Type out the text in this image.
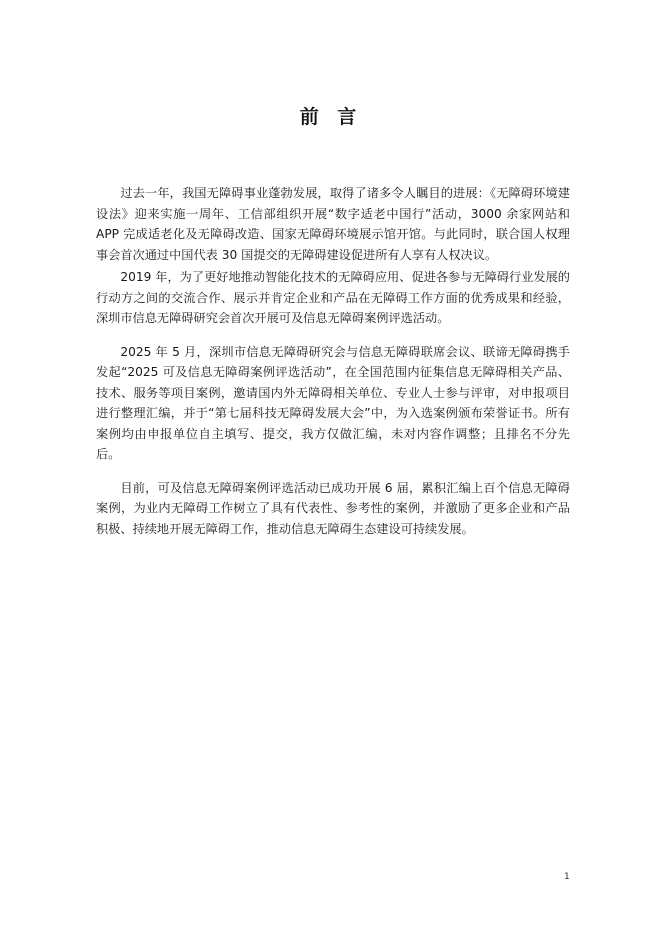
前 言

过去一年，我国无障碍事业蓬勃发展，取得了诸多令人瞩目的进展：《无障碍环境建设法》迎来实施一周年、工信部组织开展“数字适老中国行”活动，3000 余家网站和 APP 完成适老化及无障碍改造、国家无障碍环境展示馆开馆。与此同时，联合国人权理事会首次通过中国代表 30 国提交的无障碍建设促进所有人享有人权决议。

2019 年，为了更好地推动智能化技术的无障碍应用、促进各参与无障碍行业发展的行动方之间的交流合作、展示并肯定企业和产品在无障碍工作方面的优秀成果和经验，深圳市信息无障碍研究会首次开展可及信息无障碍案例评选活动。

2025 年 5 月，深圳市信息无障碍研究会与信息无障碍联席会议、联谛无障碍携手发起“2025 可及信息无障碍案例评选活动”，在全国范围内征集信息无障碍相关产品、技术、服务等项目案例，邀请国内外无障碍相关单位、专业人士参与评审，对申报项目进行整理汇编，并于“第七届科技无障碍发展大会”中，为入选案例颁布荣誉证书。所有案例均由申报单位自主填写、提交，我方仅做汇编，未对内容作调整；且排名不分先后。

目前，可及信息无障碍案例评选活动已成功开展 6 届，累积汇编上百个信息无障碍案例，为业内无障碍工作树立了具有代表性、参考性的案例，并激励了更多企业和产品积极、持续地开展无障碍工作，推动信息无障碍生态建设可持续发展。

1
